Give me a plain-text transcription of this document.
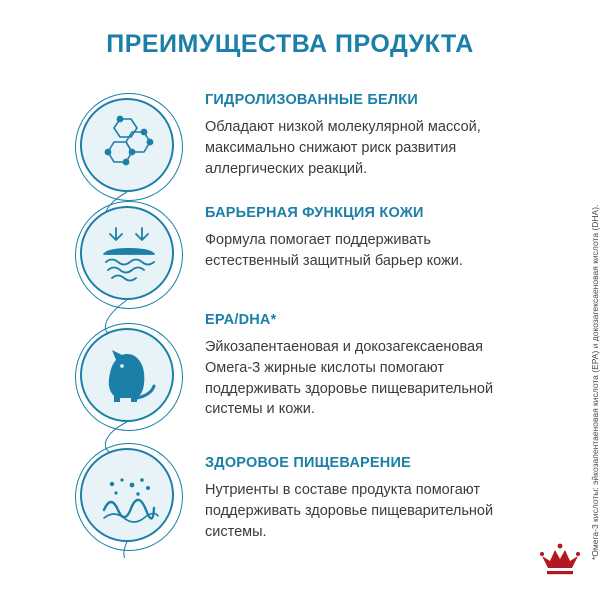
ПРЕИМУЩЕСТВА ПРОДУКТА
ГИДРОЛИЗОВАННЫЕ БЕЛКИ

Обладают низкой молекулярной массой, максимально снижают риск развития аллергических реакций.

БАРЬЕРНАЯ ФУНКЦИЯ КОЖИ

Формула помогает поддерживать естественный защитный барьер кожи.

EPA/DHA*

Эйкозапентаеновая и докозагексаеновая Омега-3 жирные кислоты помогают поддерживать здоровье пищеварительной системы и кожи.

ЗДОРОВОЕ ПИЩЕВАРЕНИЕ

Нутриенты в составе продукта помогают поддерживать здоровье пищеварительной системы.	*Омега-3 кислоты: эйкозапентаеновая кислота (EPA) и докозагексаеновая кислота (DHA).
